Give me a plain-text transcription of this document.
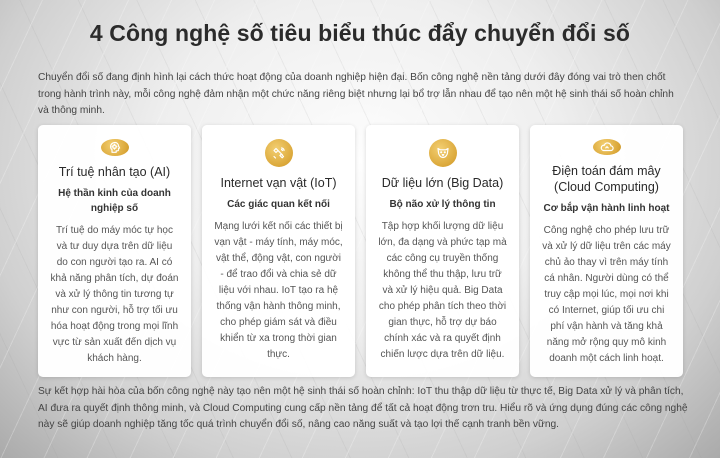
4 Công nghệ số tiêu biểu thúc đẩy chuyển đổi số

Chuyển đổi số đang định hình lại cách thức hoạt động của doanh nghiệp hiện đại. Bốn công nghệ nền tảng dưới đây đóng vai trò then chốt trong hành trình này, mỗi công nghệ đảm nhận một chức năng riêng biệt nhưng lại bổ trợ lẫn nhau để tạo nên một hệ sinh thái số hoàn chỉnh và thông minh.

Trí tuệ nhân tạo (AI)
Hệ thần kinh của doanh nghiệp số
Trí tuệ do máy móc tự học và tư duy dựa trên dữ liệu do con người tạo ra. AI có khả năng phân tích, dự đoán và xử lý thông tin tương tự như con người, hỗ trợ tối ưu hóa hoạt động trong mọi lĩnh vực từ sản xuất đến dịch vụ khách hàng.
Internet vạn vật (IoT)
Các giác quan kết nối
Mạng lưới kết nối các thiết bị vạn vật - máy tính, máy móc, vật thể, động vật, con người - để trao đổi và chia sẻ dữ liệu với nhau. IoT tạo ra hệ thống vận hành thông minh, cho phép giám sát và điều khiển từ xa trong thời gian thực.
Dữ liệu lớn (Big Data)
Bộ não xử lý thông tin
Tập hợp khối lượng dữ liệu lớn, đa dạng và phức tạp mà các công cụ truyền thống không thể thu thập, lưu trữ và xử lý hiệu quả. Big Data cho phép phân tích theo thời gian thực, hỗ trợ dự báo chính xác và ra quyết định chiến lược dựa trên dữ liệu.
Điện toán đám mây (Cloud Computing)
Cơ bắp vận hành linh hoạt
Công nghệ cho phép lưu trữ và xử lý dữ liệu trên các máy chủ ảo thay vì trên máy tính cá nhân. Người dùng có thể truy cập mọi lúc, mọi nơi khi có Internet, giúp tối ưu chi phí vận hành và tăng khả năng mở rộng quy mô kinh doanh một cách linh hoạt.

Sự kết hợp hài hòa của bốn công nghệ này tạo nên một hệ sinh thái số hoàn chỉnh: IoT thu thập dữ liệu từ thực tế, Big Data xử lý và phân tích, AI đưa ra quyết định thông minh, và Cloud Computing cung cấp nền tảng để tất cả hoạt động trơn tru. Hiểu rõ và ứng dụng đúng các công nghệ này sẽ giúp doanh nghiệp tăng tốc quá trình chuyển đổi số, nâng cao năng suất và tạo lợi thế cạnh tranh bền vững.
